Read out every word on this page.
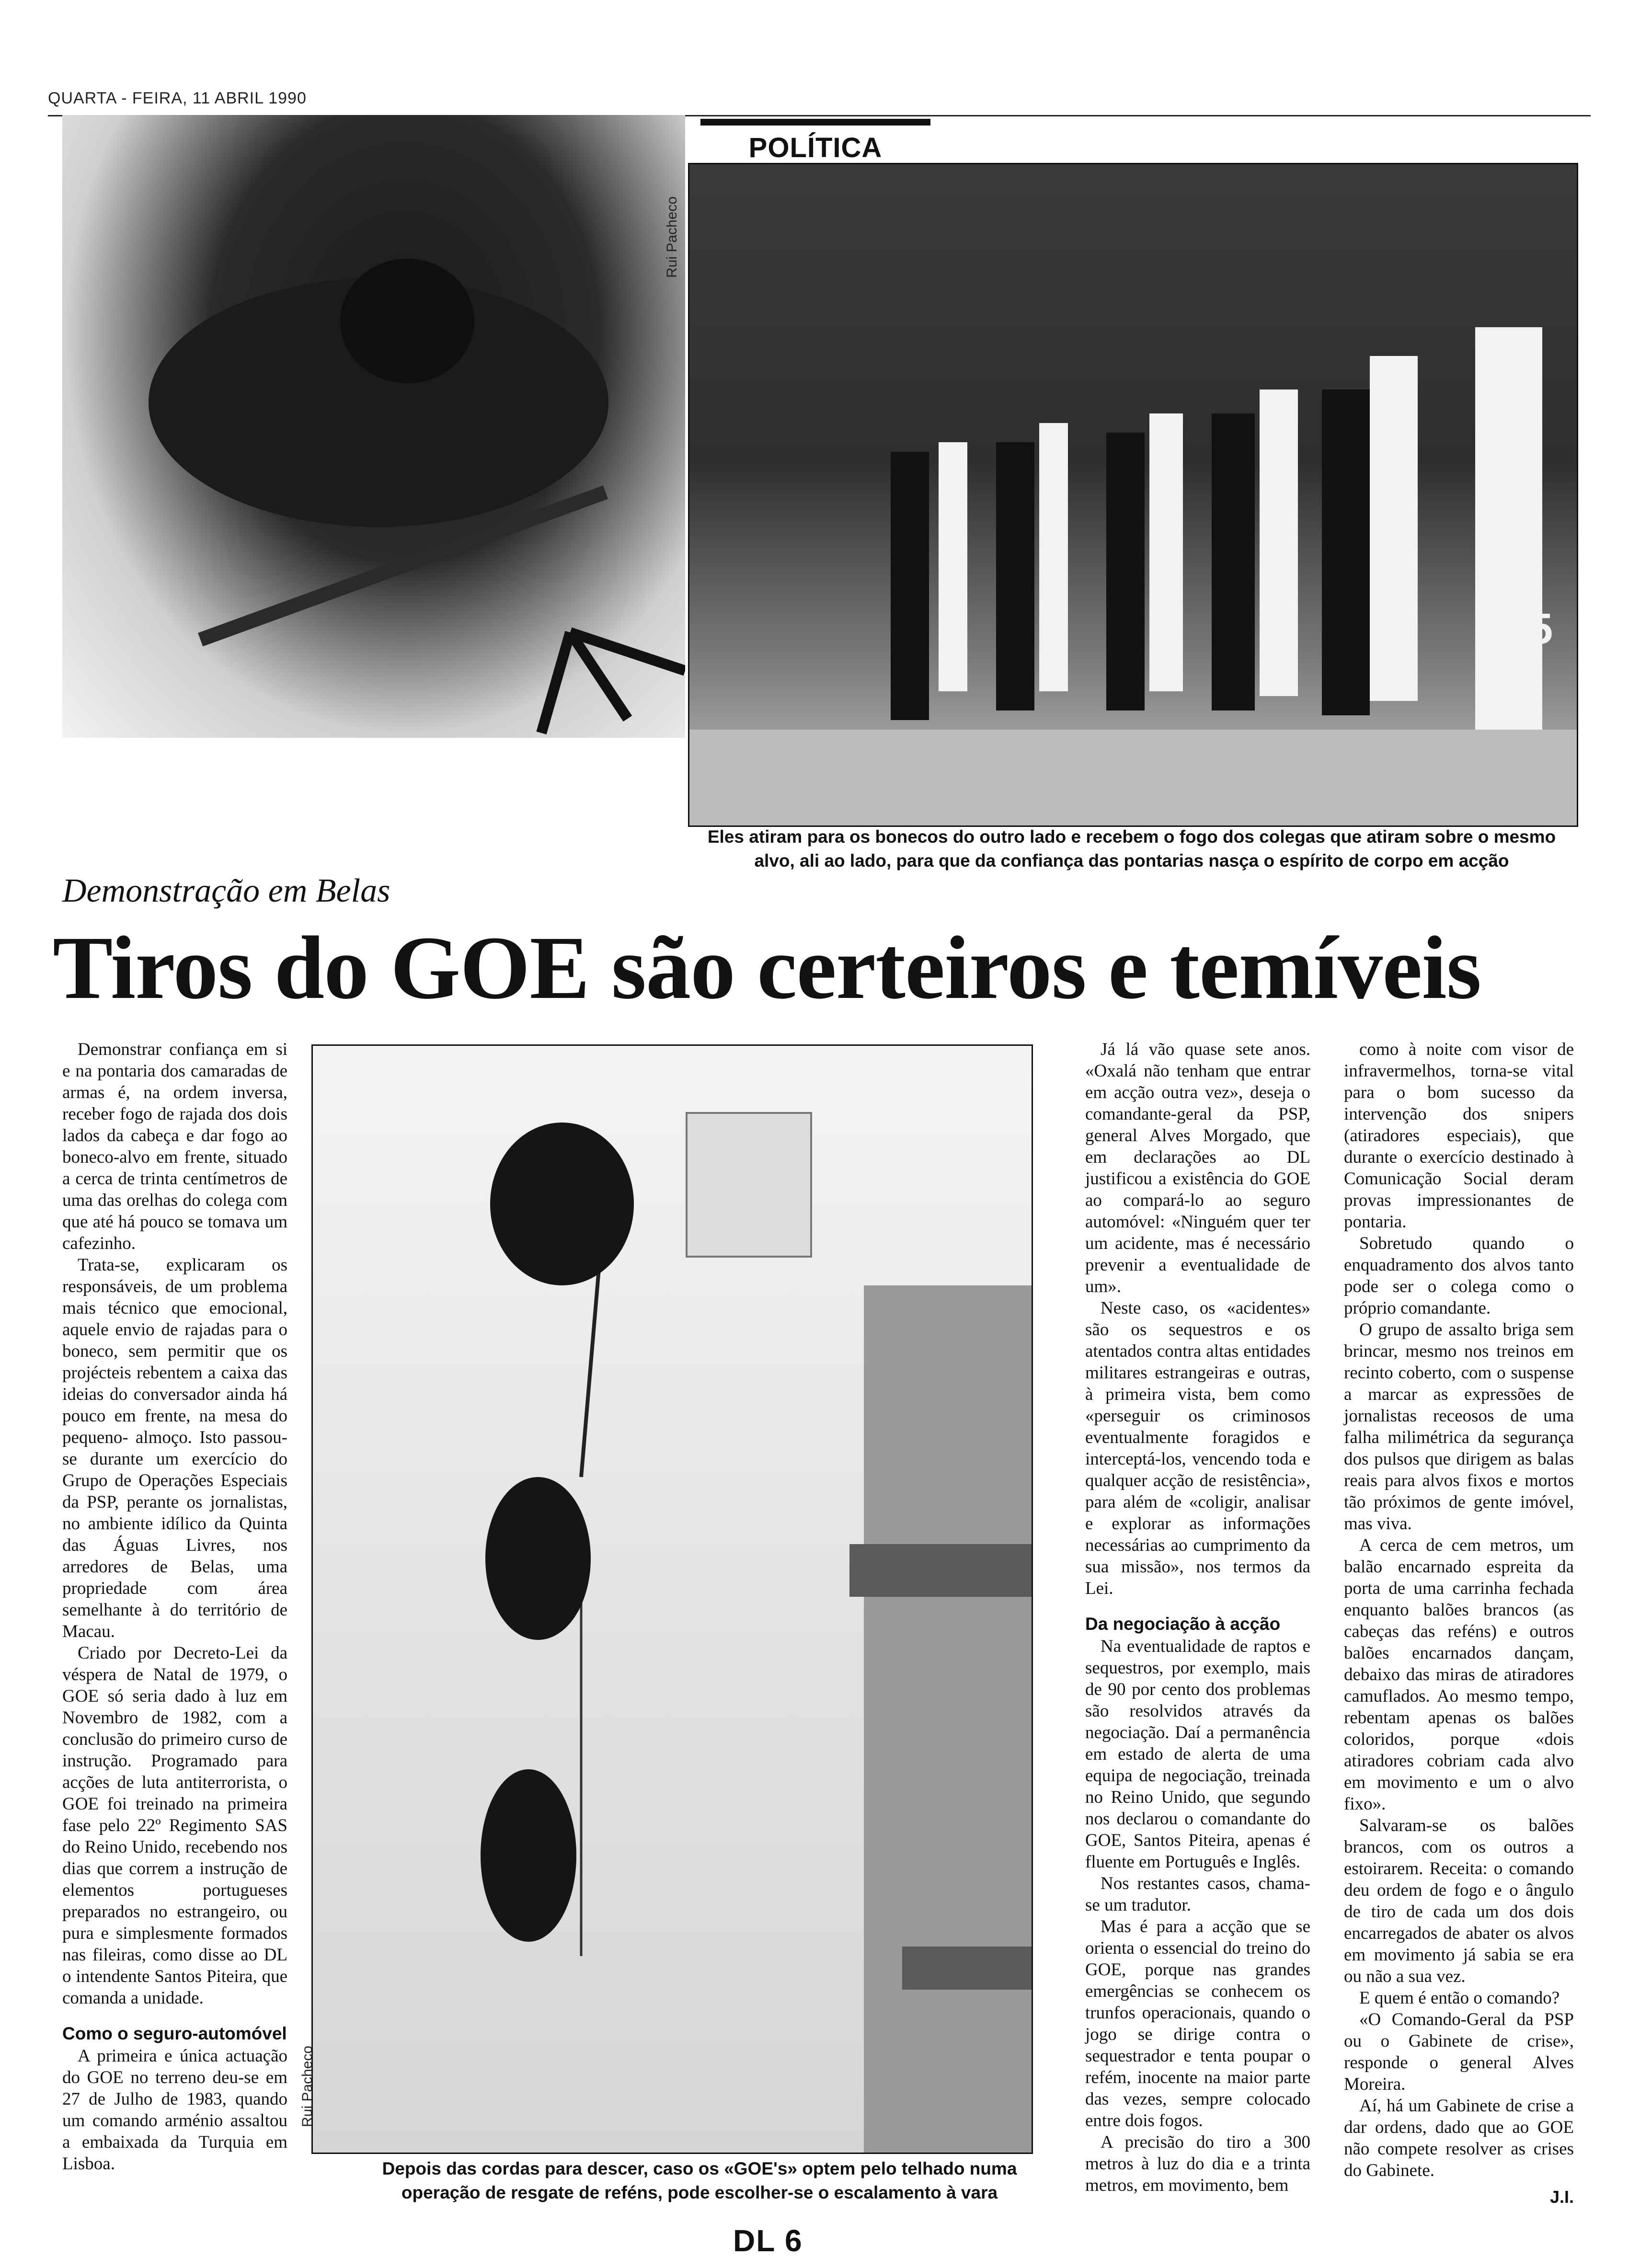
QUARTA - FEIRA, 11 ABRIL 1990
POLÍTICA
5
Rui Pacheco
Eles atiram para os bonecos do outro lado e recebem o fogo dos colegas que atiram sobre o mesmo alvo, ali ao lado, para que da confiança das pontarias nasça o espírito de corpo em acção
Demonstração em Belas
Tiros do GOE são certeiros e temíveis

Demonstrar confiança em si e na pontaria dos camaradas de armas é, na ordem inversa, receber fogo de rajada dos dois lados da cabeça e dar fogo ao boneco-alvo em frente, situado a cerca de trinta centímetros de uma das orelhas do colega com que até há pouco se tomava um cafezinho.

Trata-se, explicaram os responsáveis, de um problema mais técnico que emocional, aquele envio de rajadas para o boneco, sem permitir que os projécteis rebentem a caixa das ideias do conversador ainda há pouco em frente, na mesa do pequeno- almoço. Isto passou-se durante um exercício do Grupo de Operações Especiais da PSP, perante os jornalistas, no ambiente idílico da Quinta das Águas Livres, nos arredores de Belas, uma propriedade com área semelhante à do território de Macau.

Criado por Decreto-Lei da véspera de Natal de 1979, o GOE só seria dado à luz em Novembro de 1982, com a conclusão do primeiro curso de instrução. Programado para acções de luta antiterrorista, o GOE foi treinado na primeira fase pelo 22º Regimento SAS do Reino Unido, recebendo nos dias que correm a instrução de elementos portugueses preparados no estrangeiro, ou pura e simplesmente formados nas fileiras, como disse ao DL o intendente Santos Piteira, que comanda a unidade.

Como o seguro-automóvel

A primeira e única actuação do GOE no terreno deu-se em 27 de Julho de 1983, quando um comando arménio assaltou a embaixada da Turquia em Lisboa.

Rui Pacheco
Depois das cordas para descer, caso os «GOE's» optem pelo telhado numa operação de resgate de reféns, pode escolher-se o escalamento à vara

Já lá vão quase sete anos. «Oxalá não tenham que entrar em acção outra vez», deseja o comandante-geral da PSP, general Alves Morgado, que em declarações ao DL justificou a existência do GOE ao compará-lo ao seguro automóvel: «Ninguém quer ter um acidente, mas é necessário prevenir a eventualidade de um».

Neste caso, os «acidentes» são os sequestros e os atentados contra altas entidades militares estrangeiras e outras, à primeira vista, bem como «perseguir os criminosos eventualmente foragidos e interceptá-los, vencendo toda e qualquer acção de resistência», para além de «coligir, analisar e explorar as informações necessárias ao cumprimento da sua missão», nos termos da Lei.

Da negociação à acção

Na eventualidade de raptos e sequestros, por exemplo, mais de 90 por cento dos problemas são resolvidos através da negociação. Daí a permanência em estado de alerta de uma equipa de negociação, treinada no Reino Unido, que segundo nos declarou o comandante do GOE, Santos Piteira, apenas é fluente em Português e Inglês.

Nos restantes casos, chama-se um tradutor.

Mas é para a acção que se orienta o essencial do treino do GOE, porque nas grandes emergências se conhecem os trunfos operacionais, quando o jogo se dirige contra o sequestrador e tenta poupar o refém, inocente na maior parte das vezes, sempre colocado entre dois fogos.

A precisão do tiro a 300 metros à luz do dia e a trinta metros, em movimento, bem

como à noite com visor de infravermelhos, torna-se vital para o bom sucesso da intervenção dos snipers (atiradores especiais), que durante o exercício destinado à Comunicação Social deram provas impressionantes de pontaria.

Sobretudo quando o enquadramento dos alvos tanto pode ser o colega como o próprio comandante.

O grupo de assalto briga sem brincar, mesmo nos treinos em recinto coberto, com o suspense a marcar as expressões de jornalistas receosos de uma falha milimétrica da segurança dos pulsos que dirigem as balas reais para alvos fixos e mortos tão próximos de gente imóvel, mas viva.

A cerca de cem metros, um balão encarnado espreita da porta de uma carrinha fechada enquanto balões brancos (as cabeças das reféns) e outros balões encarnados dançam, debaixo das miras de atiradores camuflados. Ao mesmo tempo, rebentam apenas os balões coloridos, porque «dois atiradores cobriam cada alvo em movimento e um o alvo fixo».

Salvaram-se os balões brancos, com os outros a estoirarem. Receita: o comando deu ordem de fogo e o ângulo de tiro de cada um dos dois encarregados de abater os alvos em movimento já sabia se era ou não a sua vez.

E quem é então o comando?

«O Comando-Geral da PSP ou o Gabinete de crise», responde o general Alves Moreira.

Aí, há um Gabinete de crise a dar ordens, dado que ao GOE não compete resolver as crises do Gabinete.

J.I.
DL 6
